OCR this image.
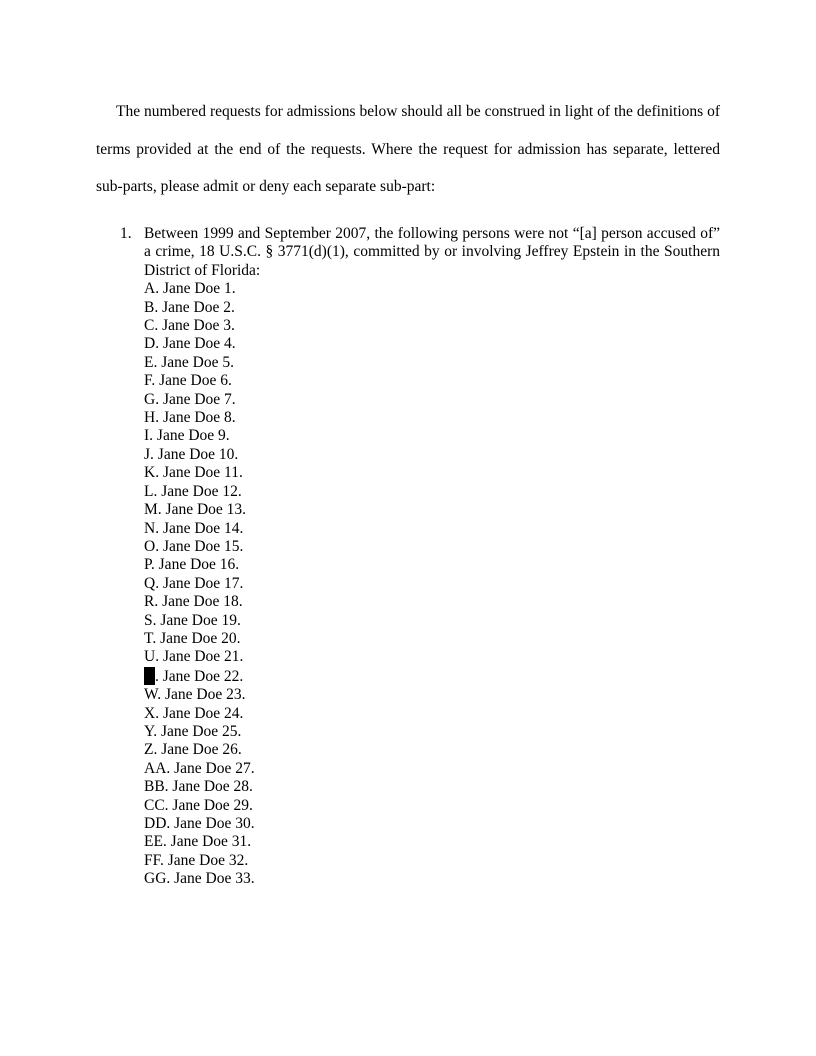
The numbered requests for admissions below should all be construed in light of the definitions of terms provided at the end of the requests. Where the request for admission has separate, lettered sub-parts, please admit or deny each separate sub-part:

1. Between 1999 and September 2007, the following persons were not “[a] person accused of” a crime, 18 U.S.C. § 3771(d)(1), committed by or involving Jeffrey Epstein in the Southern District of Florida:

A. Jane Doe 1.
B. Jane Doe 2.
C. Jane Doe 3.
D. Jane Doe 4.
E. Jane Doe 5.
F. Jane Doe 6.
G. Jane Doe 7.
H. Jane Doe 8.
I. Jane Doe 9.
J. Jane Doe 10.
K. Jane Doe 11.
L. Jane Doe 12.
M. Jane Doe 13.
N. Jane Doe 14.
O. Jane Doe 15.
P. Jane Doe 16.
Q. Jane Doe 17.
R. Jane Doe 18.
S. Jane Doe 19.
T. Jane Doe 20.
U. Jane Doe 21.
. Jane Doe 22.
W. Jane Doe 23.
X. Jane Doe 24.
Y. Jane Doe 25.
Z. Jane Doe 26.
AA. Jane Doe 27.
BB. Jane Doe 28.
CC. Jane Doe 29.
DD. Jane Doe 30.
EE. Jane Doe 31.
FF. Jane Doe 32.
GG. Jane Doe 33.
